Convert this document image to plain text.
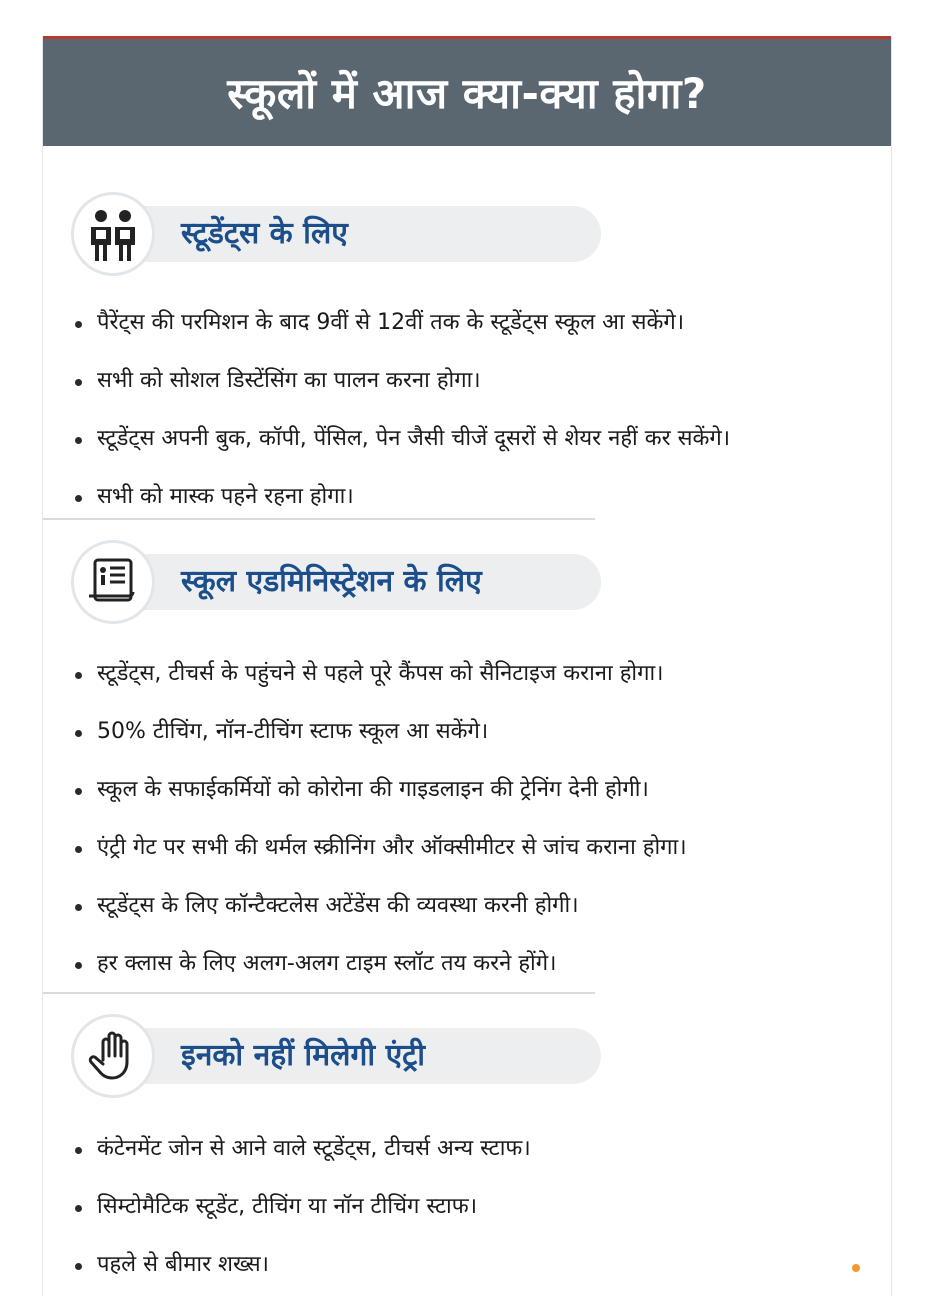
स्कूलों में आज क्या-क्या होगा?
स्टूडेंट्स के लिए
पैरेंट्स की परमिशन के बाद 9वीं से 12वीं तक के स्टूडेंट्स स्कूल आ सकेंगे।
सभी को सोशल डिस्टेंसिंग का पालन करना होगा।
स्टूडेंट्स अपनी बुक, कॉपी, पेंसिल, पेन जैसी चीजें दूसरों से शेयर नहीं कर सकेंगे।
सभी को मास्क पहने रहना होगा।
स्कूल एडमिनिस्ट्रेशन के लिए
स्टूडेंट्स, टीचर्स के पहुंचने से पहले पूरे कैंपस को सैनिटाइज कराना होगा।
50% टीचिंग, नॉन-टीचिंग स्टाफ स्कूल आ सकेंगे।
स्कूल के सफाईकर्मियों को कोरोना की गाइडलाइन की ट्रेनिंग देनी होगी।
एंट्री गेट पर सभी की थर्मल स्क्रीनिंग और ऑक्सीमीटर से जांच कराना होगा।
स्टूडेंट्स के लिए कॉन्टैक्टलेस अटेंडेंस की व्यवस्था करनी होगी।
हर क्लास के लिए अलग-अलग टाइम स्लॉट तय करने होंगे।
इनको नहीं मिलेगी एंट्री
कंटेनमेंट जोन से आने वाले स्टूडेंट्स, टीचर्स अन्य स्टाफ।
सिम्टोमैटिक स्टूडेंट, टीचिंग या नॉन टीचिंग स्टाफ।
पहले से बीमार शख्स।
